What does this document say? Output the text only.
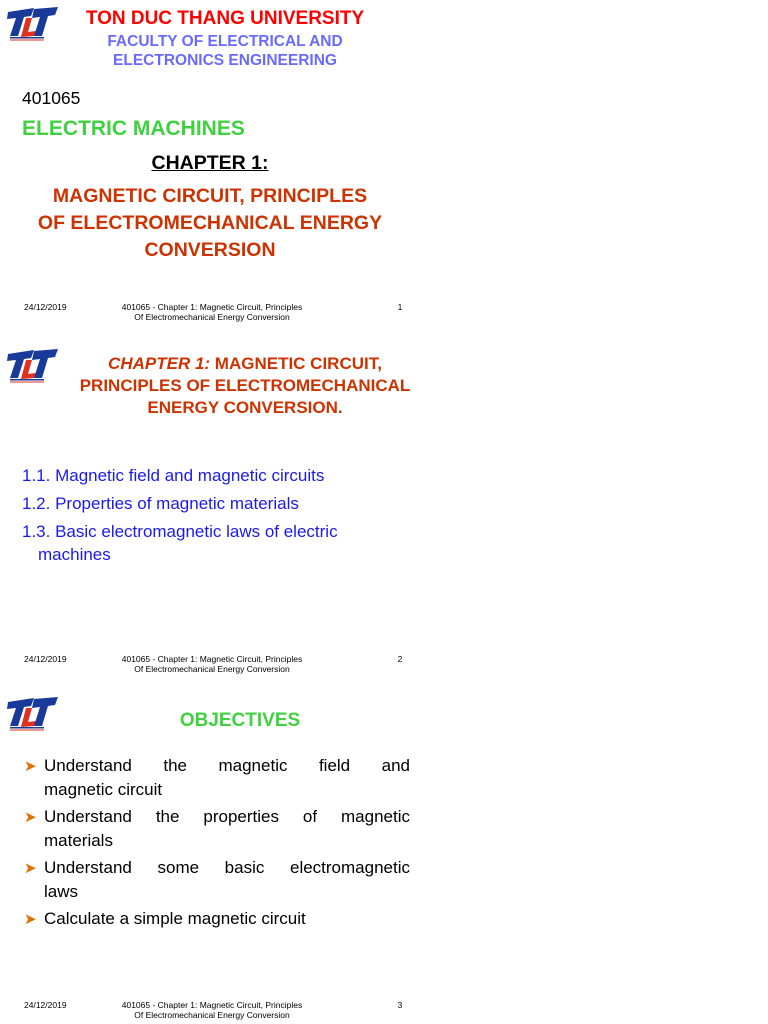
TON DUC THANG UNIVERSITY
FACULTY OF ELECTRICAL AND
ELECTRONICS ENGINEERING
401065
ELECTRIC MACHINES
CHAPTER 1:
MAGNETIC CIRCUIT, PRINCIPLES
OF ELECTROMECHANICAL ENERGY
CONVERSION
24/12/2019	401065 - Chapter 1: Magnetic Circuit, Principles
Of Electromechanical Energy Conversion
1
CHAPTER 1: MAGNETIC CIRCUIT,
PRINCIPLES OF ELECTROMECHANICAL
ENERGY CONVERSION.
1.1. Magnetic field and magnetic circuits
1.2. Properties of magnetic materials
1.3. Basic electromagnetic laws of electric
machines
24/12/2019	401065 - Chapter 1: Magnetic Circuit, Principles
Of Electromechanical Energy Conversion
2
OBJECTIVES
➤ Understand the magnetic field and
magnetic circuit
➤ Understand the properties of magnetic
materials
➤ Understand some basic electromagnetic
laws
➤ Calculate a simple magnetic circuit
24/12/2019	401065 - Chapter 1: Magnetic Circuit, Principles
Of Electromechanical Energy Conversion
3
